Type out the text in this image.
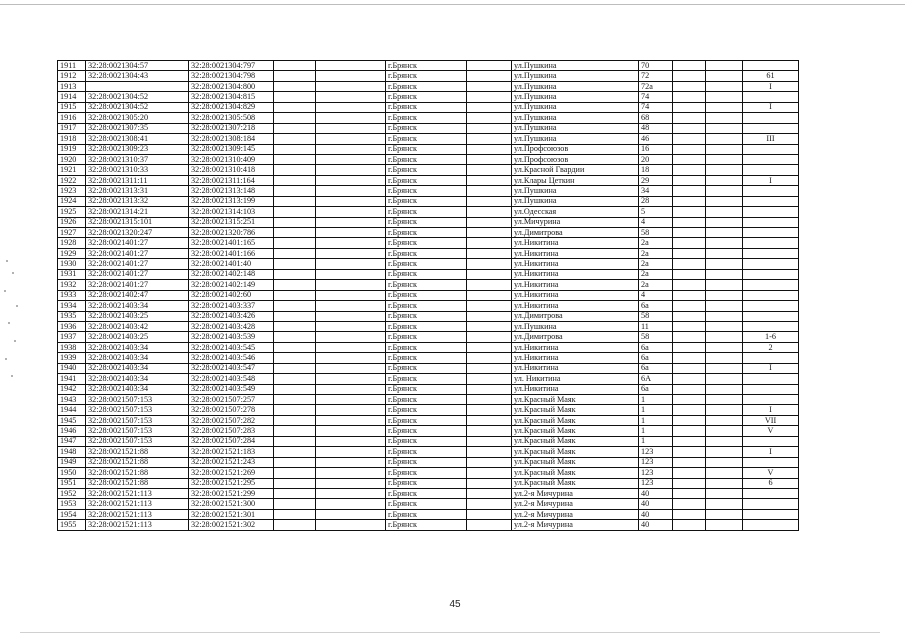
1911	32:28:0021304:57	32:28:0021304:797			г.Брянск		ул.Пушкина	70			
1912	32:28:0021304:43	32:28:0021304:798			г.Брянск		ул.Пушкина	72			61
1913		32:28:0021304:800			г.Брянск		ул.Пушкина	72а			I
1914	32:28:0021304:52	32:28:0021304:815			г.Брянск		ул.Пушкина	74			
1915	32:28:0021304:52	32:28:0021304:829			г.Брянск		ул.Пушкина	74			I
1916	32:28:0021305:20	32:28:0021305:508			г.Брянск		ул.Пушкина	68			
1917	32:28:0021307:35	32:28:0021307:218			г.Брянск		ул.Пушкина	48			
1918	32:28:0021308:41	32:28:0021308:184			г.Брянск		ул.Пушкина	46			III
1919	32:28:0021309:23	32:28:0021309:145			г.Брянск		ул.Профсоюзов	16			
1920	32:28:0021310:37	32:28:0021310:409			г.Брянск		ул.Профсоюзов	20			
1921	32:28:0021310:33	32:28:0021310:418			г.Брянск		ул.Красной Гвардии	18			
1922	32:28:0021311:11	32:28:0021311:164			г.Брянск		ул.Клары Цеткин	29			I
1923	32:28:0021313:31	32:28:0021313:148			г.Брянск		ул.Пушкина	34			
1924	32:28:0021313:32	32:28:0021313:199			г.Брянск		ул.Пушкина	28			
1925	32:28:0021314:21	32:28:0021314:103			г.Брянск		ул.Одесская	5			
1926	32:28:0021315:101	32:28:0021315:251			г.Брянск		ул.Мичурина	4			
1927	32:28:0021320:247	32:28:0021320:786			г.Брянск		ул.Димитрова	58			
1928	32:28:0021401:27	32:28:0021401:165			г.Брянск		ул.Никитина	2а			
1929	32:28:0021401:27	32:28:0021401:166			г.Брянск		ул.Никитина	2а			
1930	32:28:0021401:27	32:28:0021401:40			г.Брянск		ул.Никитина	2а			
1931	32:28:0021401:27	32:28:0021402:148			г.Брянск		ул.Никитина	2а			
1932	32:28:0021401:27	32:28:0021402:149			г.Брянск		ул.Никитина	2а			
1933	32:28:0021402:47	32:28:0021402:60			г.Брянск		ул.Никитина	4			
1934	32:28:0021403:34	32:28:0021403:337			г.Брянск		ул.Никитина	6а			
1935	32:28:0021403:25	32:28:0021403:426			г.Брянск		ул.Димитрова	58			
1936	32:28:0021403:42	32:28:0021403:428			г.Брянск		ул.Пушкина	11			
1937	32:28:0021403:25	32:28:0021403:539			г.Брянск		ул.Димитрова	58			1-6
1938	32:28:0021403:34	32:28:0021403:545			г.Брянск		ул.Никитина	6а			2
1939	32:28:0021403:34	32:28:0021403:546			г.Брянск		ул.Никитина	6а			
1940	32:28:0021403:34	32:28:0021403:547			г.Брянск		ул.Никитина	6а			I
1941	32:28:0021403:34	32:28:0021403:548			г.Брянск		ул. Никитина	6А			
1942	32:28:0021403:34	32:28:0021403:549			г.Брянск		ул.Никитина	6а			
1943	32:28:0021507:153	32:28:0021507:257			г.Брянск		ул.Красный Маяк	1			
1944	32:28:0021507:153	32:28:0021507:278			г.Брянск		ул.Красный Маяк	1			I
1945	32:28:0021507:153	32:28:0021507:282			г.Брянск		ул.Красный Маяк	1			VII
1946	32:28:0021507:153	32:28:0021507:283			г.Брянск		ул.Красный Маяк	1			V
1947	32:28:0021507:153	32:28:0021507:284			г.Брянск		ул.Красный Маяк	1			
1948	32:28:0021521:88	32:28:0021521:183			г.Брянск		ул.Красный Маяк	123			I
1949	32:28:0021521:88	32:28:0021521:243			г.Брянск		ул.Красный Маяк	123			
1950	32:28:0021521:88	32:28:0021521:269			г.Брянск		ул.Красный Маяк	123			V
1951	32:28:0021521:88	32:28:0021521:295			г.Брянск		ул.Красный Маяк	123			6
1952	32:28:0021521:113	32:28:0021521:299			г.Брянск		ул.2-я Мичурина	40			
1953	32:28:0021521:113	32:28:0021521:300			г.Брянск		ул.2-я Мичурина	40			
1954	32:28:0021521:113	32:28:0021521:301			г.Брянск		ул.2-я Мичурина	40			
1955	32:28:0021521:113	32:28:0021521:302			г.Брянск		ул.2-я Мичурина	40			
45
